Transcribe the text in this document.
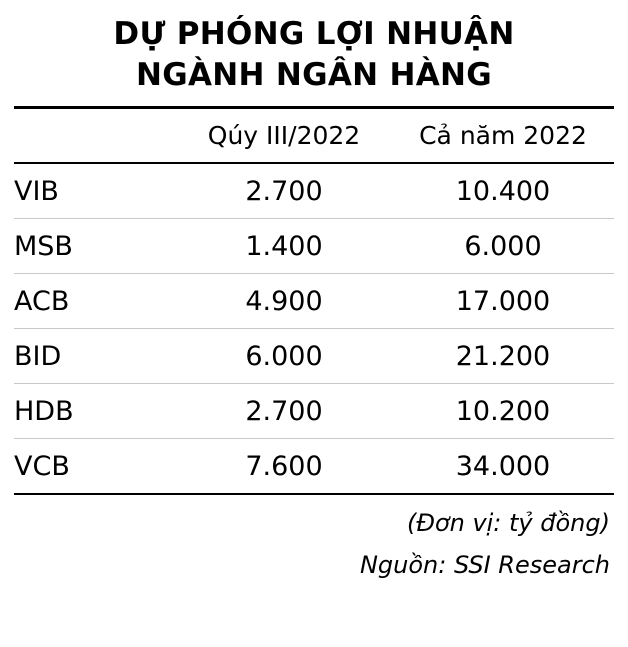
DỰ PHÓNG LỢI NHUẬN
NGÀNH NGÂN HÀNG
	Qúy III/2022	Cả năm 2022
VIB	2.700	10.400
MSB	1.400	6.000
ACB	4.900	17.000
BID	6.000	21.200
HDB	2.700	10.200
VCB	7.600	34.000
(Đơn vị: tỷ đồng)
Nguồn: SSI Research
